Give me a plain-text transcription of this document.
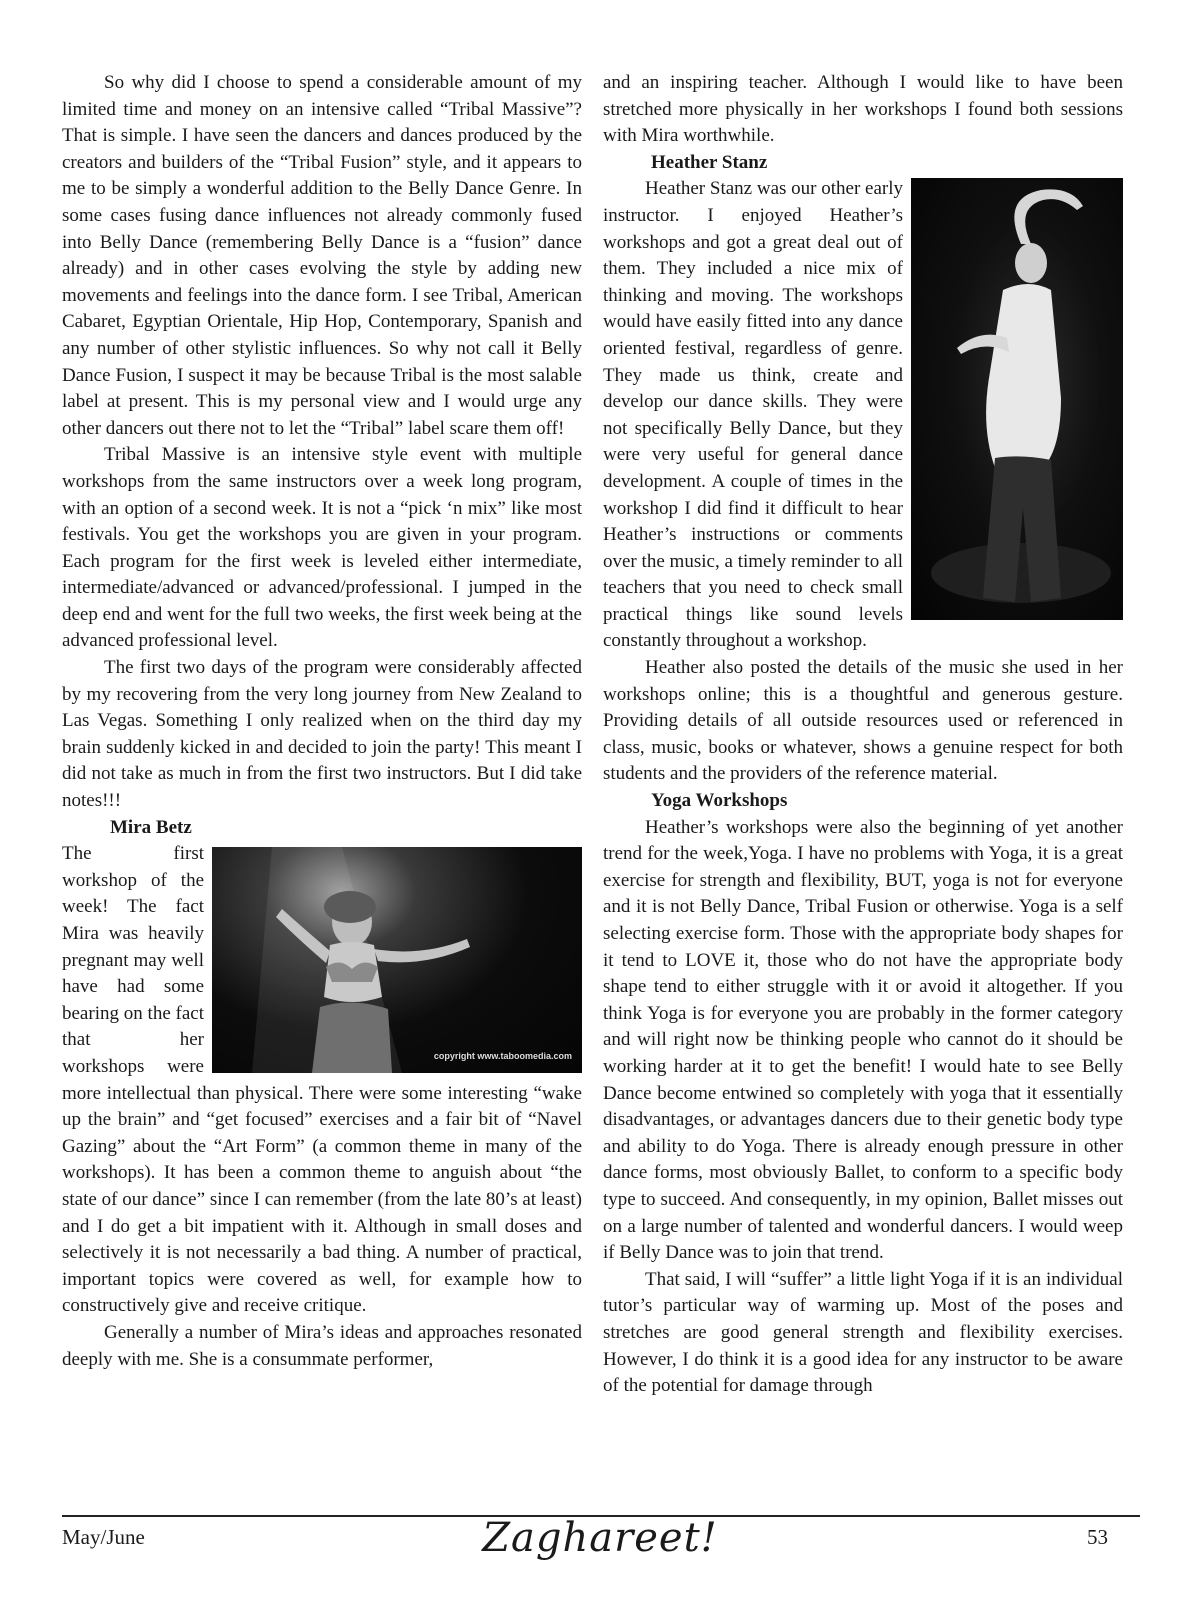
So why did I choose to spend a considerable amount of my limited time and money on an intensive called “Tribal Massive”? That is simple. I have seen the dancers and dances produced by the creators and builders of the “Tribal Fusion” style, and it appears to me to be simply a wonderful addition to the Belly Dance Genre. In some cases fusing dance influences not already commonly fused into Belly Dance (remembering Belly Dance is a “fusion” dance already) and in other cases evolving the style by adding new movements and feelings into the dance form. I see Tribal, American Cabaret, Egyptian Orientale, Hip Hop, Contemporary, Spanish and any number of other stylistic influences. So why not call it Belly Dance Fusion, I suspect it may be because Tribal is the most salable label at present. This is my personal view and I would urge any other dancers out there not to let the “Tribal” label scare them off!

Tribal Massive is an intensive style event with multiple workshops from the same instructors over a week long program, with an option of a second week. It is not a “pick ‘n mix” like most festivals. You get the workshops you are given in your program. Each program for the first week is leveled either intermediate, intermediate/advanced or advanced/professional. I jumped in the deep end and went for the full two weeks, the first week being at the advanced professional level.

The first two days of the program were considerably affected by my recovering from the very long journey from New Zealand to Las Vegas. Something I only realized when on the third day my brain suddenly kicked in and decided to join the party! This meant I did not take as much in from the first two instructors. But I did take notes!!!

Mira Betz
copyright www.taboomedia.com

The first workshop of the week! The fact Mira was heavily pregnant may well have had some bearing on the fact that her workshops were more intellectual than physical. There were some interesting “wake up the brain” and “get focused” exercises and a fair bit of “Navel Gazing” about the “Art Form” (a common theme in many of the workshops). It has been a common theme to anguish about “the state of our dance” since I can remember (from the late 80’s at least) and I do get a bit impatient with it. Although in small doses and selectively it is not necessarily a bad thing. A number of practical, important topics were covered as well, for example how to constructively give and receive critique.

Generally a number of Mira’s ideas and approaches resonated deeply with me. She is a consummate performer,

and an inspiring teacher. Although I would like to have been stretched more physically in her workshops I found both sessions with Mira worthwhile.

Heather Stanz

Heather Stanz was our other early instructor. I enjoyed Heather’s workshops and got a great deal out of them. They included a nice mix of thinking and moving. The workshops would have easily fitted into any dance oriented festival, regardless of genre. They made us think, create and develop our dance skills. They were not specifically Belly Dance, but they were very useful for general dance development. A couple of times in the workshop I did find it difficult to hear Heather’s instructions or comments over the music, a timely reminder to all teachers that you need to check small practical things like sound levels constantly throughout a workshop.

Heather also posted the details of the music she used in her workshops online; this is a thoughtful and generous gesture. Providing details of all outside resources used or referenced in class, music, books or whatever, shows a genuine respect for both students and the providers of the reference material.

Yoga Workshops

Heather’s workshops were also the beginning of yet another trend for the week,Yoga. I have no problems with Yoga, it is a great exercise for strength and flexibility, BUT, yoga is not for everyone and it is not Belly Dance, Tribal Fusion or otherwise. Yoga is a self selecting exercise form. Those with the appropriate body shapes for it tend to LOVE it, those who do not have the appropriate body shape tend to either struggle with it or avoid it altogether. If you think Yoga is for everyone you are probably in the former category and will right now be thinking people who cannot do it should be working harder at it to get the benefit! I would hate to see Belly Dance become entwined so completely with yoga that it essentially disadvantages, or advantages dancers due to their genetic body type and ability to do Yoga. There is already enough pressure in other dance forms, most obviously Ballet, to conform to a specific body type to succeed. And consequently, in my opinion, Ballet misses out on a large number of talented and wonderful dancers. I would weep if Belly Dance was to join that trend.

That said, I will “suffer” a little light Yoga if it is an individual tutor’s particular way of warming up. Most of the poses and stretches are good general strength and flexibility exercises. However, I do think it is a good idea for any instructor to be aware of the potential for damage through

May/June	Zaghareet!	53
